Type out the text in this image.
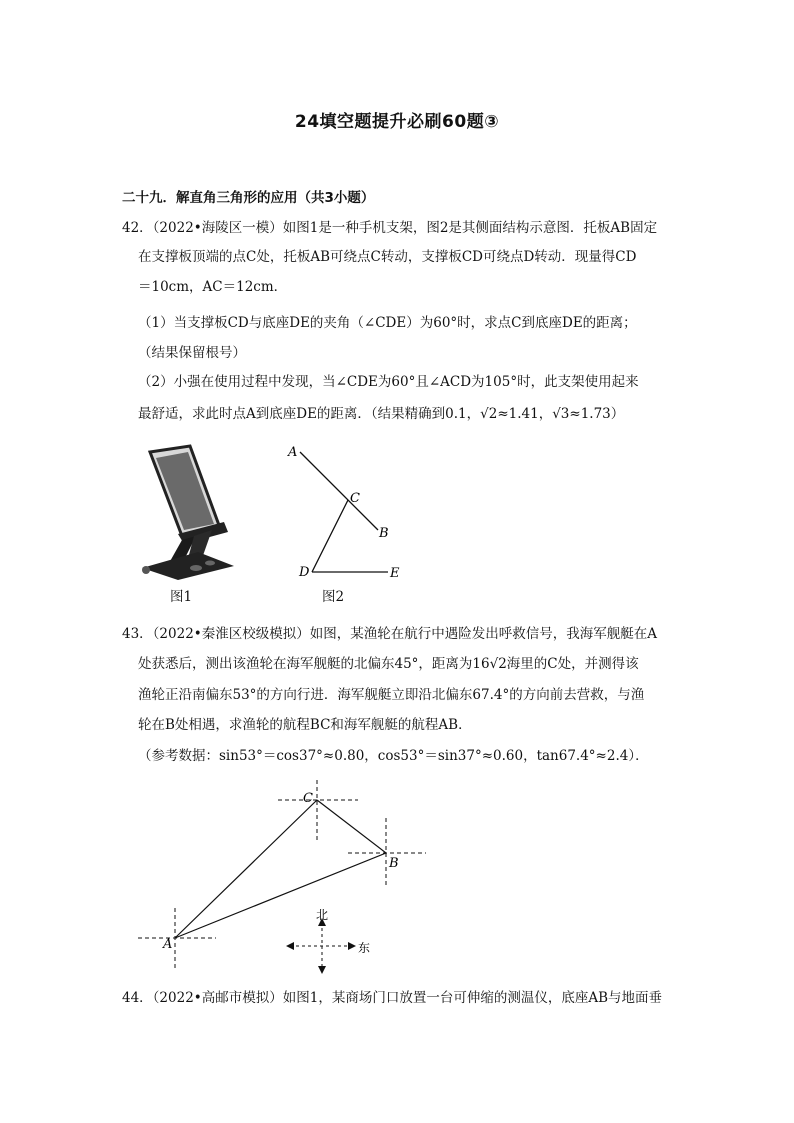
24填空题提升必刷60题③
二十九．解直角三角形的应用（共3小题）
42．（2022•海陵区一模）如图1是一种手机支架，图2是其侧面结构示意图．托板AB固定
在支撑板顶端的点C处，托板AB可绕点C转动，支撑板CD可绕点D转动．现量得CD
＝10cm，AC＝12cm．
（1）当支撑板CD与底座DE的夹角（∠CDE）为60°时，求点C到底座DE的距离；
（结果保留根号）
（2）小强在使用过程中发现，当∠CDE为60°且∠ACD为105°时，此支架使用起来
最舒适，求此时点A到底座DE的距离．（结果精确到0.1，√2≈1.41，√3≈1.73）
图1
A
C
B
D	E
图2
43．（2022•秦淮区校级模拟）如图，某渔轮在航行中遇险发出呼救信号，我海军舰艇在A
处获悉后，测出该渔轮在海军舰艇的北偏东45°，距离为16√2海里的C处，并测得该
渔轮正沿南偏东53°的方向行进．海军舰艇立即沿北偏东67.4°的方向前去营救，与渔
轮在B处相遇，求渔轮的航程BC和海军舰艇的航程AB．
（参考数据：sin53°＝cos37°≈0.80，cos53°＝sin37°≈0.60，tan67.4°≈2.4）．
C
B
A
北
东
44．（2022•高邮市模拟）如图1，某商场门口放置一台可伸缩的测温仪，底座AB与地面垂
